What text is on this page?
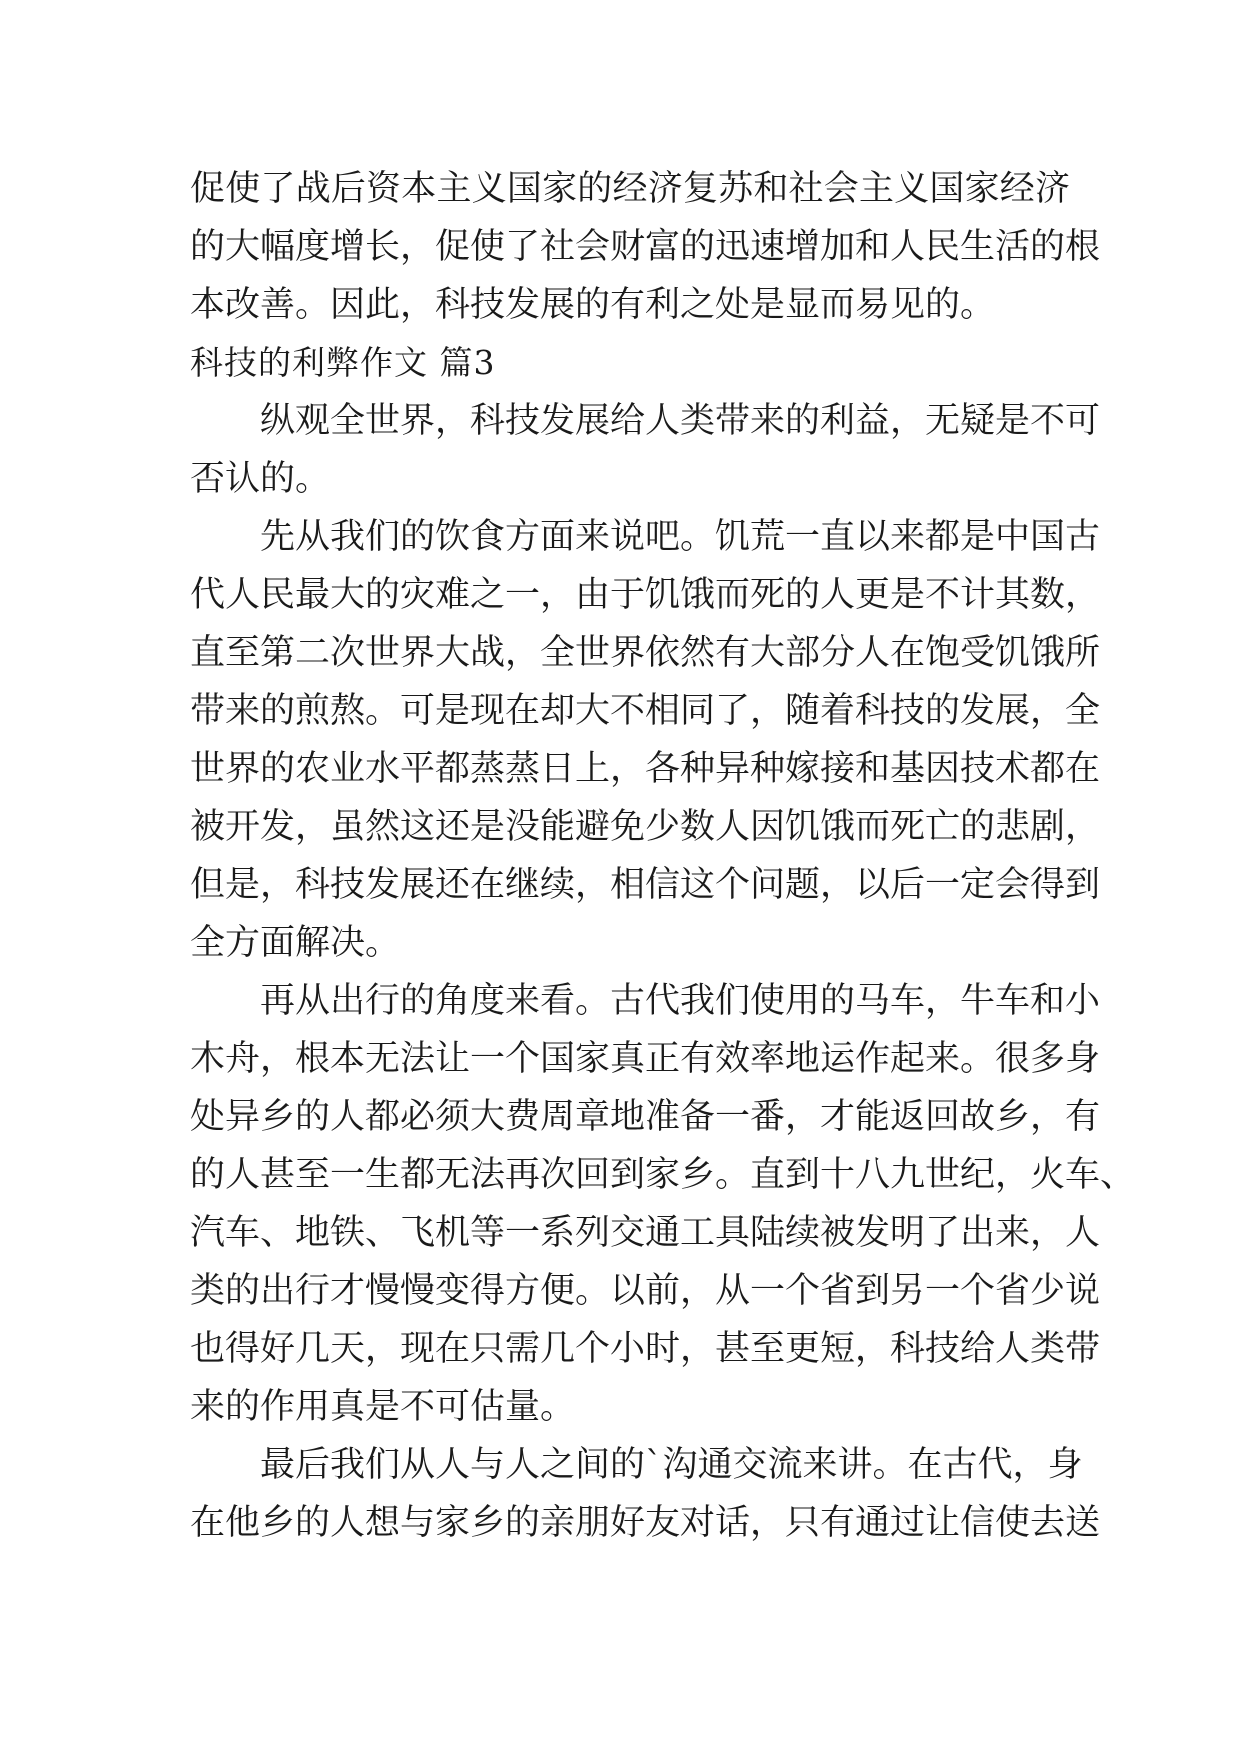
促使了战后资本主义国家的经济复苏和社会主义国家经济
的大幅度增长，促使了社会财富的迅速增加和人民生活的根
本改善。因此，科技发展的有利之处是显而易见的。
科技的利弊作文 篇3
纵观全世界，科技发展给人类带来的利益，无疑是不可
否认的。
先从我们的饮食方面来说吧。饥荒一直以来都是中国古
代人民最大的灾难之一，由于饥饿而死的人更是不计其数，
直至第二次世界大战，全世界依然有大部分人在饱受饥饿所
带来的煎熬。可是现在却大不相同了，随着科技的发展，全
世界的农业水平都蒸蒸日上，各种异种嫁接和基因技术都在
被开发，虽然这还是没能避免少数人因饥饿而死亡的悲剧，
但是，科技发展还在继续，相信这个问题，以后一定会得到
全方面解决。
再从出行的角度来看。古代我们使用的马车，牛车和小
木舟，根本无法让一个国家真正有效率地运作起来。很多身
处异乡的人都必须大费周章地准备一番，才能返回故乡，有
的人甚至一生都无法再次回到家乡。直到十八九世纪，火车、
汽车、地铁、飞机等一系列交通工具陆续被发明了出来，人
类的出行才慢慢变得方便。以前，从一个省到另一个省少说
也得好几天，现在只需几个小时，甚至更短，科技给人类带
来的作用真是不可估量。
最后我们从人与人之间的`沟通交流来讲。在古代，身
在他乡的人想与家乡的亲朋好友对话，只有通过让信使去送
